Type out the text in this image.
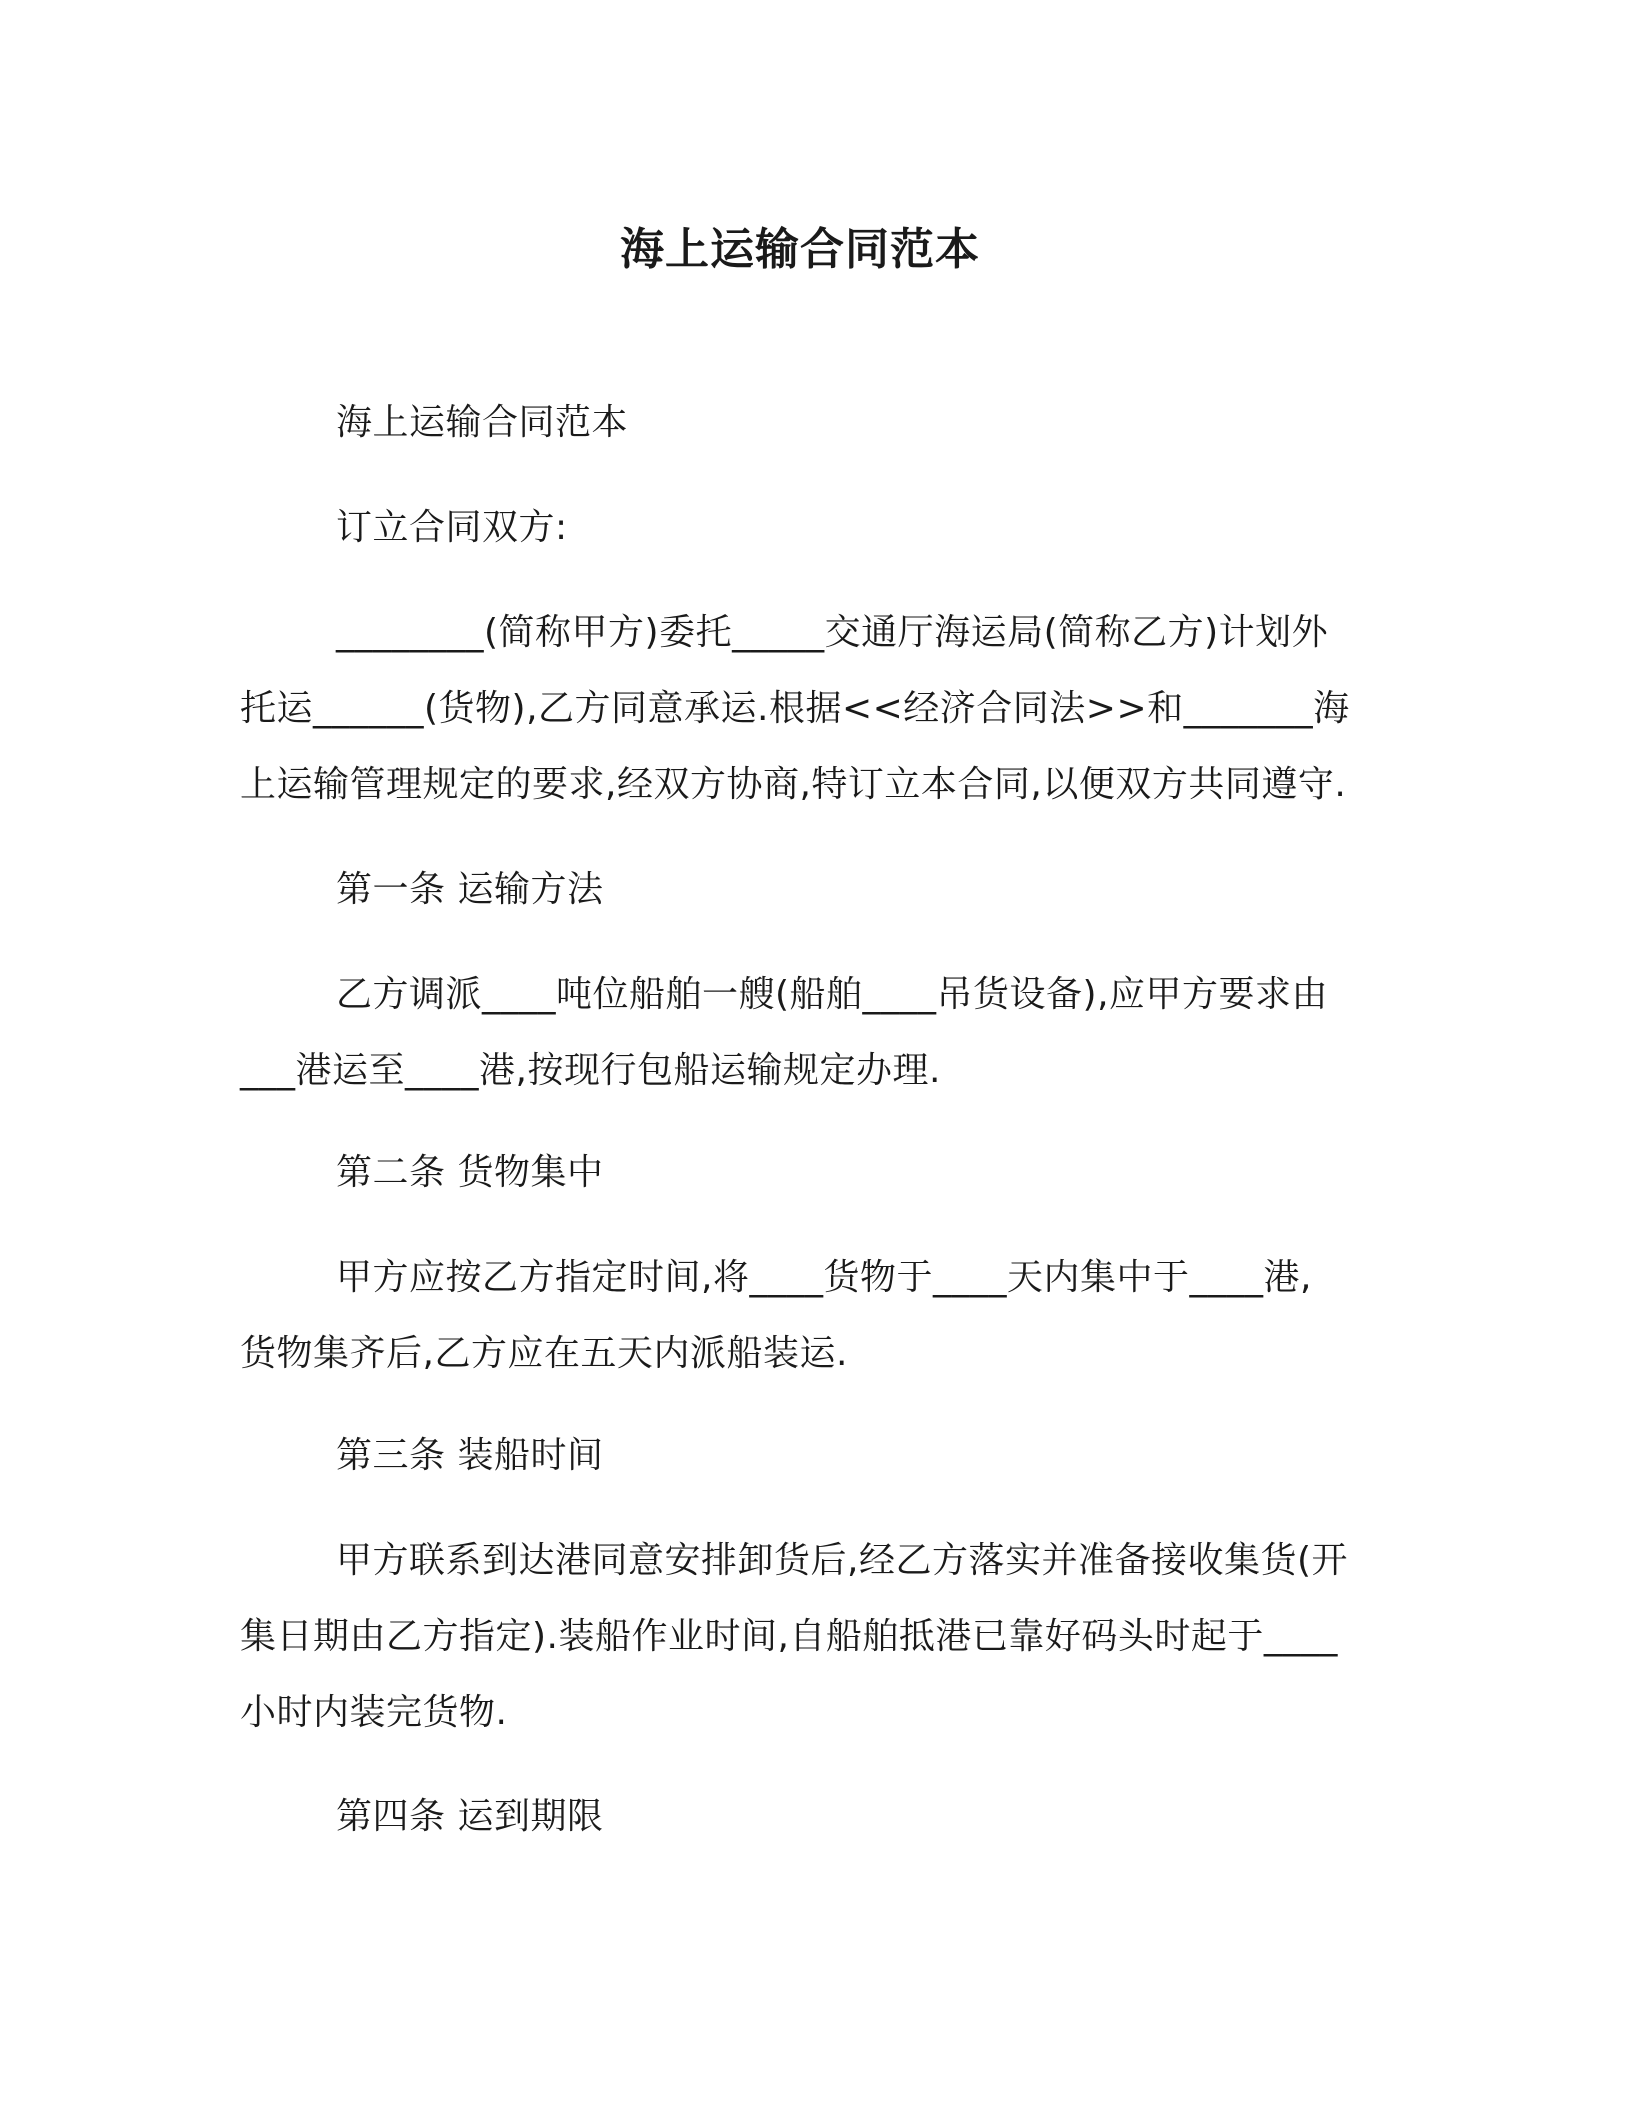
海上运输合同范本
海上运输合同范本
订立合同双方:
________(简称甲方)委托_____交通厅海运局(简称乙方)计划外
托运______(货物),乙方同意承运.根据<<经济合同法>>和_______海
上运输管理规定的要求,经双方协商,特订立本合同,以便双方共同遵守.
第一条 运输方法
乙方调派____吨位船舶一艘(船舶____吊货设备),应甲方要求由
___港运至____港,按现行包船运输规定办理.
第二条 货物集中
甲方应按乙方指定时间,将____货物于____天内集中于____港,
货物集齐后,乙方应在五天内派船装运.
第三条 装船时间
甲方联系到达港同意安排卸货后,经乙方落实并准备接收集货(开
集日期由乙方指定).装船作业时间,自船舶抵港已靠好码头时起于____
小时内装完货物.
第四条 运到期限
